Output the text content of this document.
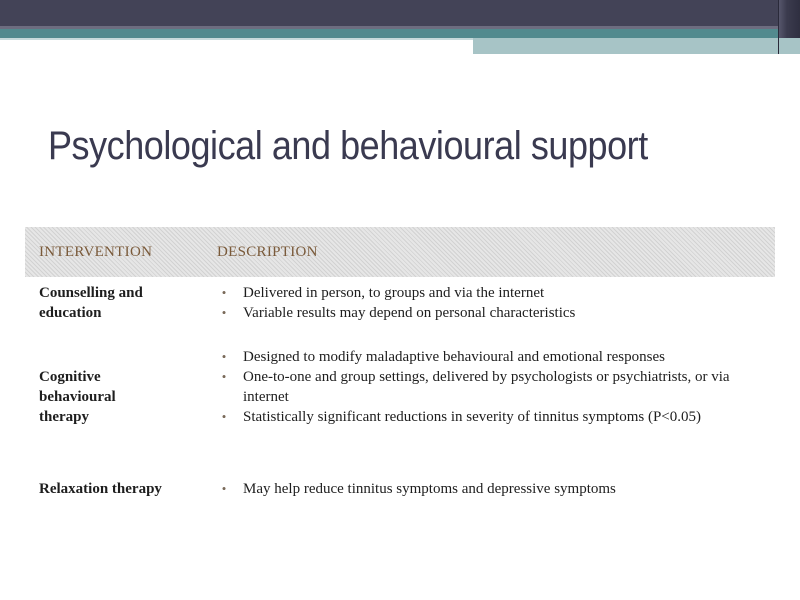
Psychological and behavioural support
INTERVENTION	DESCRIPTION
Counselling and education
• Delivered in person, to groups and via the internet
• Variable results may depend on personal characteristics
Cognitive behavioural therapy
• Designed to modify maladaptive behavioural and emotional responses
• One-to-one and group settings, delivered by psychologists or psychiatrists, or via internet
• Statistically significant reductions in severity of tinnitus symptoms (P<0.05)
Relaxation therapy	• May help reduce tinnitus symptoms and depressive symptoms
